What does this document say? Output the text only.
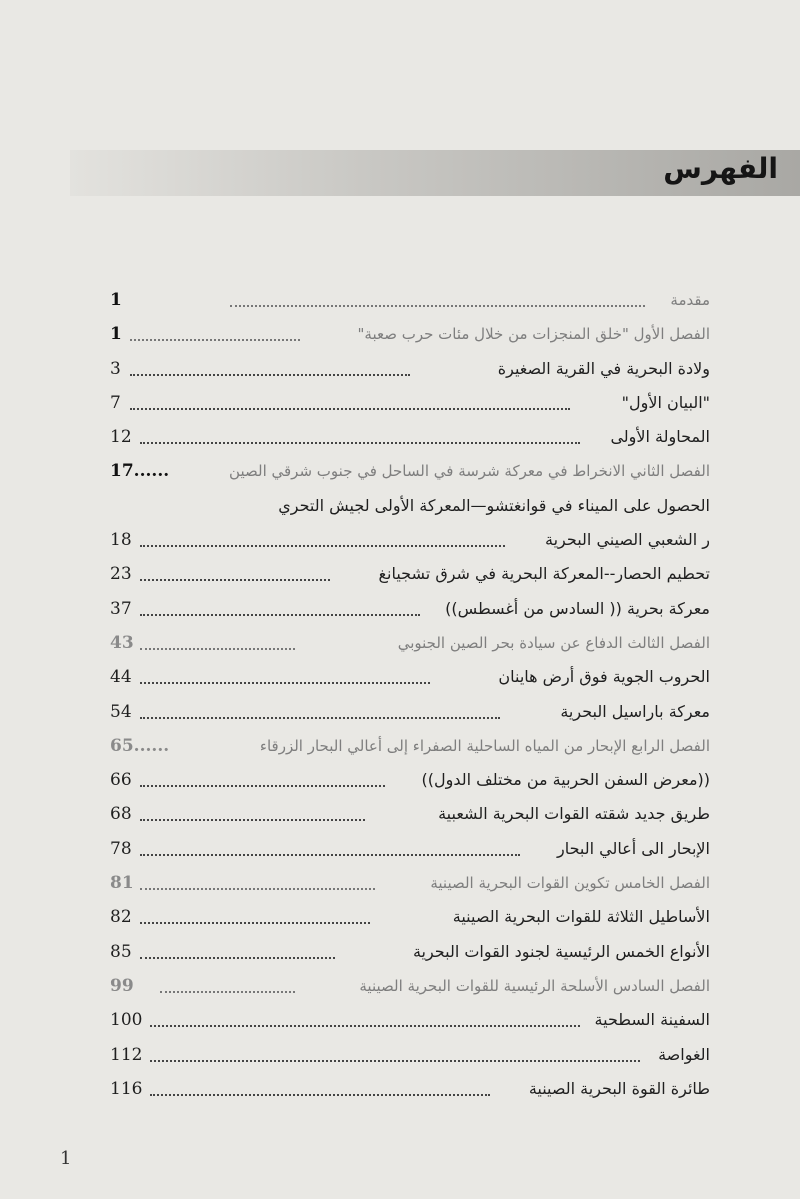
الفهرس
مقدمة
1
الفصل الأول "خلق المنجزات من خلال مئات حرب صعبة"
1
ولادة البحرية في القرية الصغيرة
3
"البيان الأول"
7
المحاولة الأولى
12
الفصل الثاني الانخراط في معركة شرسة في الساحل في جنوب شرقي الصين
17......
الحصول على الميناء في قوانغتشو—المعركة الأولى لجيش التحري
ر الشعبي الصيني البحرية
18
تحطيم الحصار--المعركة البحرية في شرق تشجيانغ
23
معركة بحرية (( السادس من أغسطس))
37
الفصل الثالث الدفاع عن سيادة بحر الصين الجنوبي
43
الحروب الجوية فوق أرض هاينان
44
معركة باراسيل البحرية
54
الفصل الرابع الإبحار من المياه الساحلية الصفراء إلى أعالي البحار الزرقاء
65......
((معرض السفن الحربية من مختلف الدول))
66
طريق جديد شقته القوات البحرية الشعبية
68
الإبحار الى أعالي البحار
78
الفصل الخامس تكوين القوات البحرية الصينية
81
الأساطيل الثلاثة للقوات البحرية الصينية
82
الأنواع الخمس الرئيسية لجنود القوات البحرية
85
الفصل السادس الأسلحة الرئيسية للقوات البحرية الصينية
99
السفينة السطحية
100
الغواصة
112
طائرة القوة البحرية الصينية
116
1
